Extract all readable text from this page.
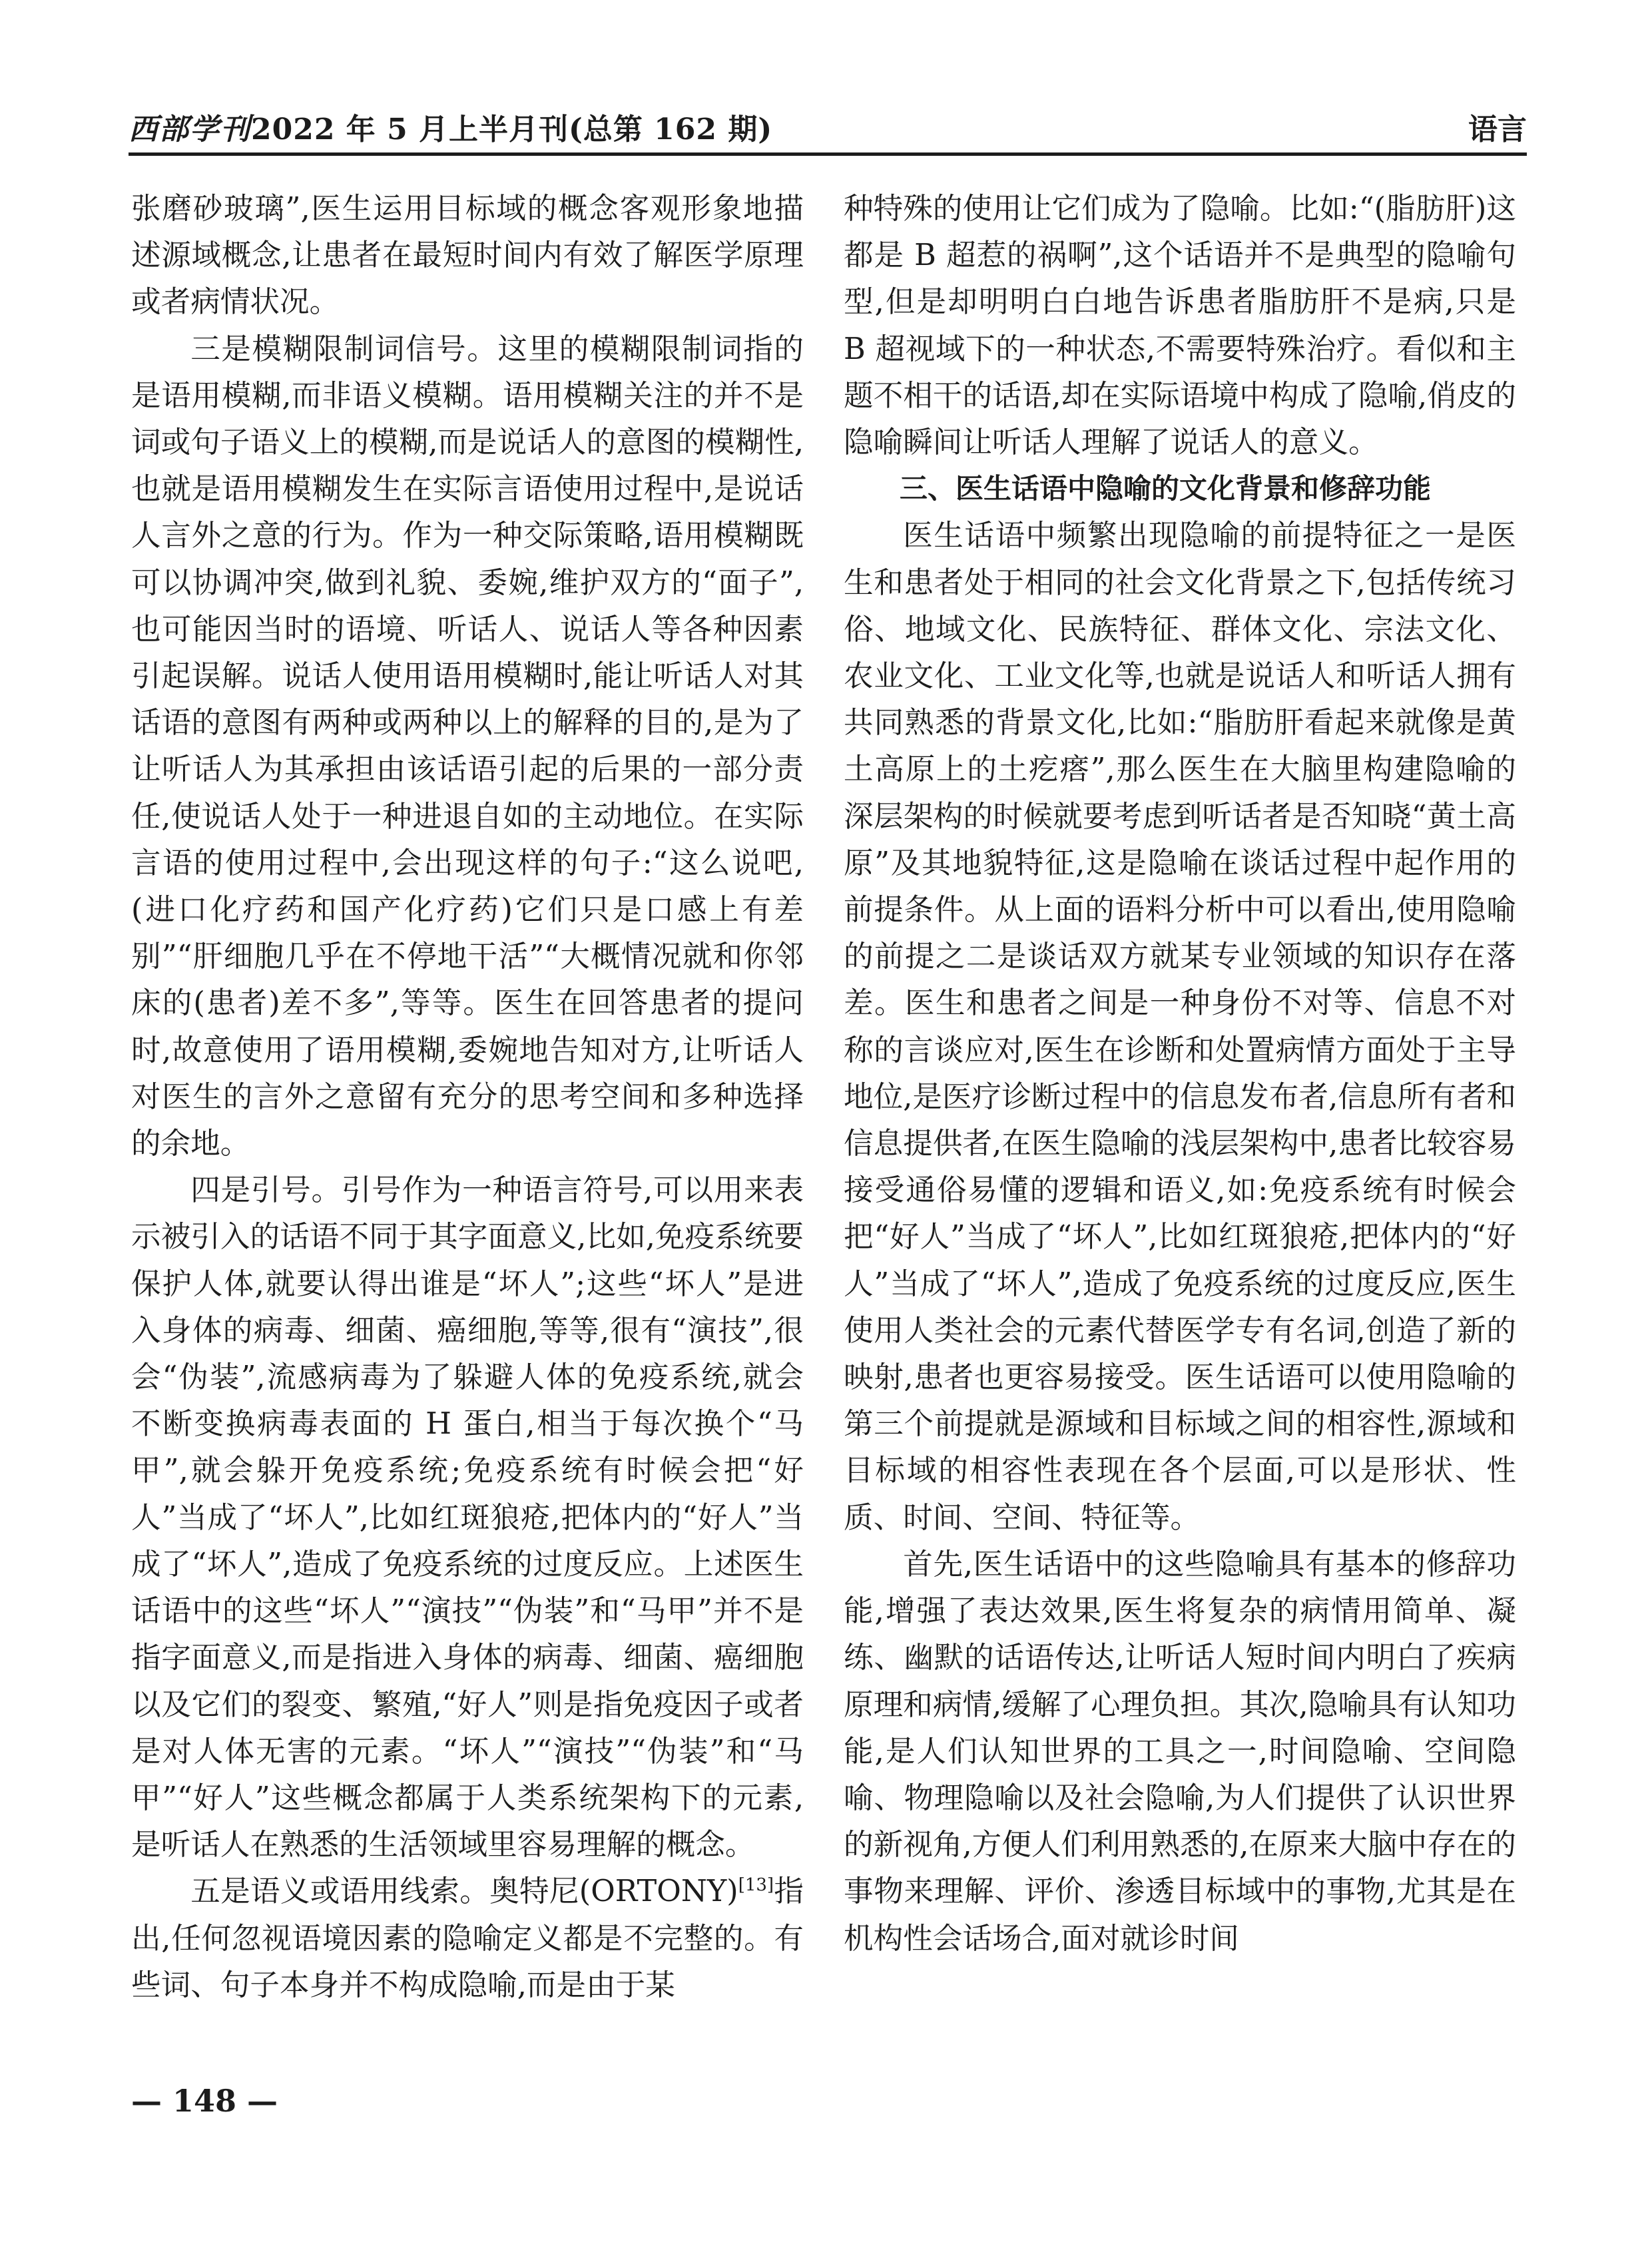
西部学刊2022 年 5 月上半月刊(总第 162 期)	语言

张磨砂玻璃”,医生运用目标域的概念客观形象地描述源域概念,让患者在最短时间内有效了解医学原理或者病情状况。

三是模糊限制词信号。这里的模糊限制词指的是语用模糊,而非语义模糊。语用模糊关注的并不是词或句子语义上的模糊,而是说话人的意图的模糊性,也就是语用模糊发生在实际言语使用过程中,是说话人言外之意的行为。作为一种交际策略,语用模糊既可以协调冲突,做到礼貌、委婉,维护双方的“面子”,也可能因当时的语境、听话人、说话人等各种因素引起误解。说话人使用语用模糊时,能让听话人对其话语的意图有两种或两种以上的解释的目的,是为了让听话人为其承担由该话语引起的后果的一部分责任,使说话人处于一种进退自如的主动地位。在实际言语的使用过程中,会出现这样的句子:“这么说吧,(进口化疗药和国产化疗药)它们只是口感上有差别”“肝细胞几乎在不停地干活”“大概情况就和你邻床的(患者)差不多”,等等。医生在回答患者的提问时,故意使用了语用模糊,委婉地告知对方,让听话人对医生的言外之意留有充分的思考空间和多种选择的余地。

四是引号。引号作为一种语言符号,可以用来表示被引入的话语不同于其字面意义,比如,免疫系统要保护人体,就要认得出谁是“坏人”;这些“坏人”是进入身体的病毒、细菌、癌细胞,等等,很有“演技”,很会“伪装”,流感病毒为了躲避人体的免疫系统,就会不断变换病毒表面的 H 蛋白,相当于每次换个“马甲”,就会躲开免疫系统;免疫系统有时候会把“好人”当成了“坏人”,比如红斑狼疮,把体内的“好人”当成了“坏人”,造成了免疫系统的过度反应。上述医生话语中的这些“坏人”“演技”“伪装”和“马甲”并不是指字面意义,而是指进入身体的病毒、细菌、癌细胞以及它们的裂变、繁殖,“好人”则是指免疫因子或者是对人体无害的元素。“坏人”“演技”“伪装”和“马甲”“好人”这些概念都属于人类系统架构下的元素,是听话人在熟悉的生活领域里容易理解的概念。

五是语义或语用线索。奥特尼(ORTONY)[13]指出,任何忽视语境因素的隐喻定义都是不完整的。有些词、句子本身并不构成隐喻,而是由于某

种特殊的使用让它们成为了隐喻。比如:“(脂肪肝)这都是 B 超惹的祸啊”,这个话语并不是典型的隐喻句型,但是却明明白白地告诉患者脂肪肝不是病,只是 B 超视域下的一种状态,不需要特殊治疗。看似和主题不相干的话语,却在实际语境中构成了隐喻,俏皮的隐喻瞬间让听话人理解了说话人的意义。

三、医生话语中隐喻的文化背景和修辞功能

医生话语中频繁出现隐喻的前提特征之一是医生和患者处于相同的社会文化背景之下,包括传统习俗、地域文化、民族特征、群体文化、宗法文化、农业文化、工业文化等,也就是说话人和听话人拥有共同熟悉的背景文化,比如:“脂肪肝看起来就像是黄土高原上的土疙瘩”,那么医生在大脑里构建隐喻的深层架构的时候就要考虑到听话者是否知晓“黄土高原”及其地貌特征,这是隐喻在谈话过程中起作用的前提条件。从上面的语料分析中可以看出,使用隐喻的前提之二是谈话双方就某专业领域的知识存在落差。医生和患者之间是一种身份不对等、信息不对称的言谈应对,医生在诊断和处置病情方面处于主导地位,是医疗诊断过程中的信息发布者,信息所有者和信息提供者,在医生隐喻的浅层架构中,患者比较容易接受通俗易懂的逻辑和语义,如:免疫系统有时候会把“好人”当成了“坏人”,比如红斑狼疮,把体内的“好人”当成了“坏人”,造成了免疫系统的过度反应,医生使用人类社会的元素代替医学专有名词,创造了新的映射,患者也更容易接受。医生话语可以使用隐喻的第三个前提就是源域和目标域之间的相容性,源域和目标域的相容性表现在各个层面,可以是形状、性质、时间、空间、特征等。

首先,医生话语中的这些隐喻具有基本的修辞功能,增强了表达效果,医生将复杂的病情用简单、凝练、幽默的话语传达,让听话人短时间内明白了疾病原理和病情,缓解了心理负担。其次,隐喻具有认知功能,是人们认知世界的工具之一,时间隐喻、空间隐喻、物理隐喻以及社会隐喻,为人们提供了认识世界的新视角,方便人们利用熟悉的,在原来大脑中存在的事物来理解、评价、渗透目标域中的事物,尤其是在机构性会话场合,面对就诊时间

— 148 —
